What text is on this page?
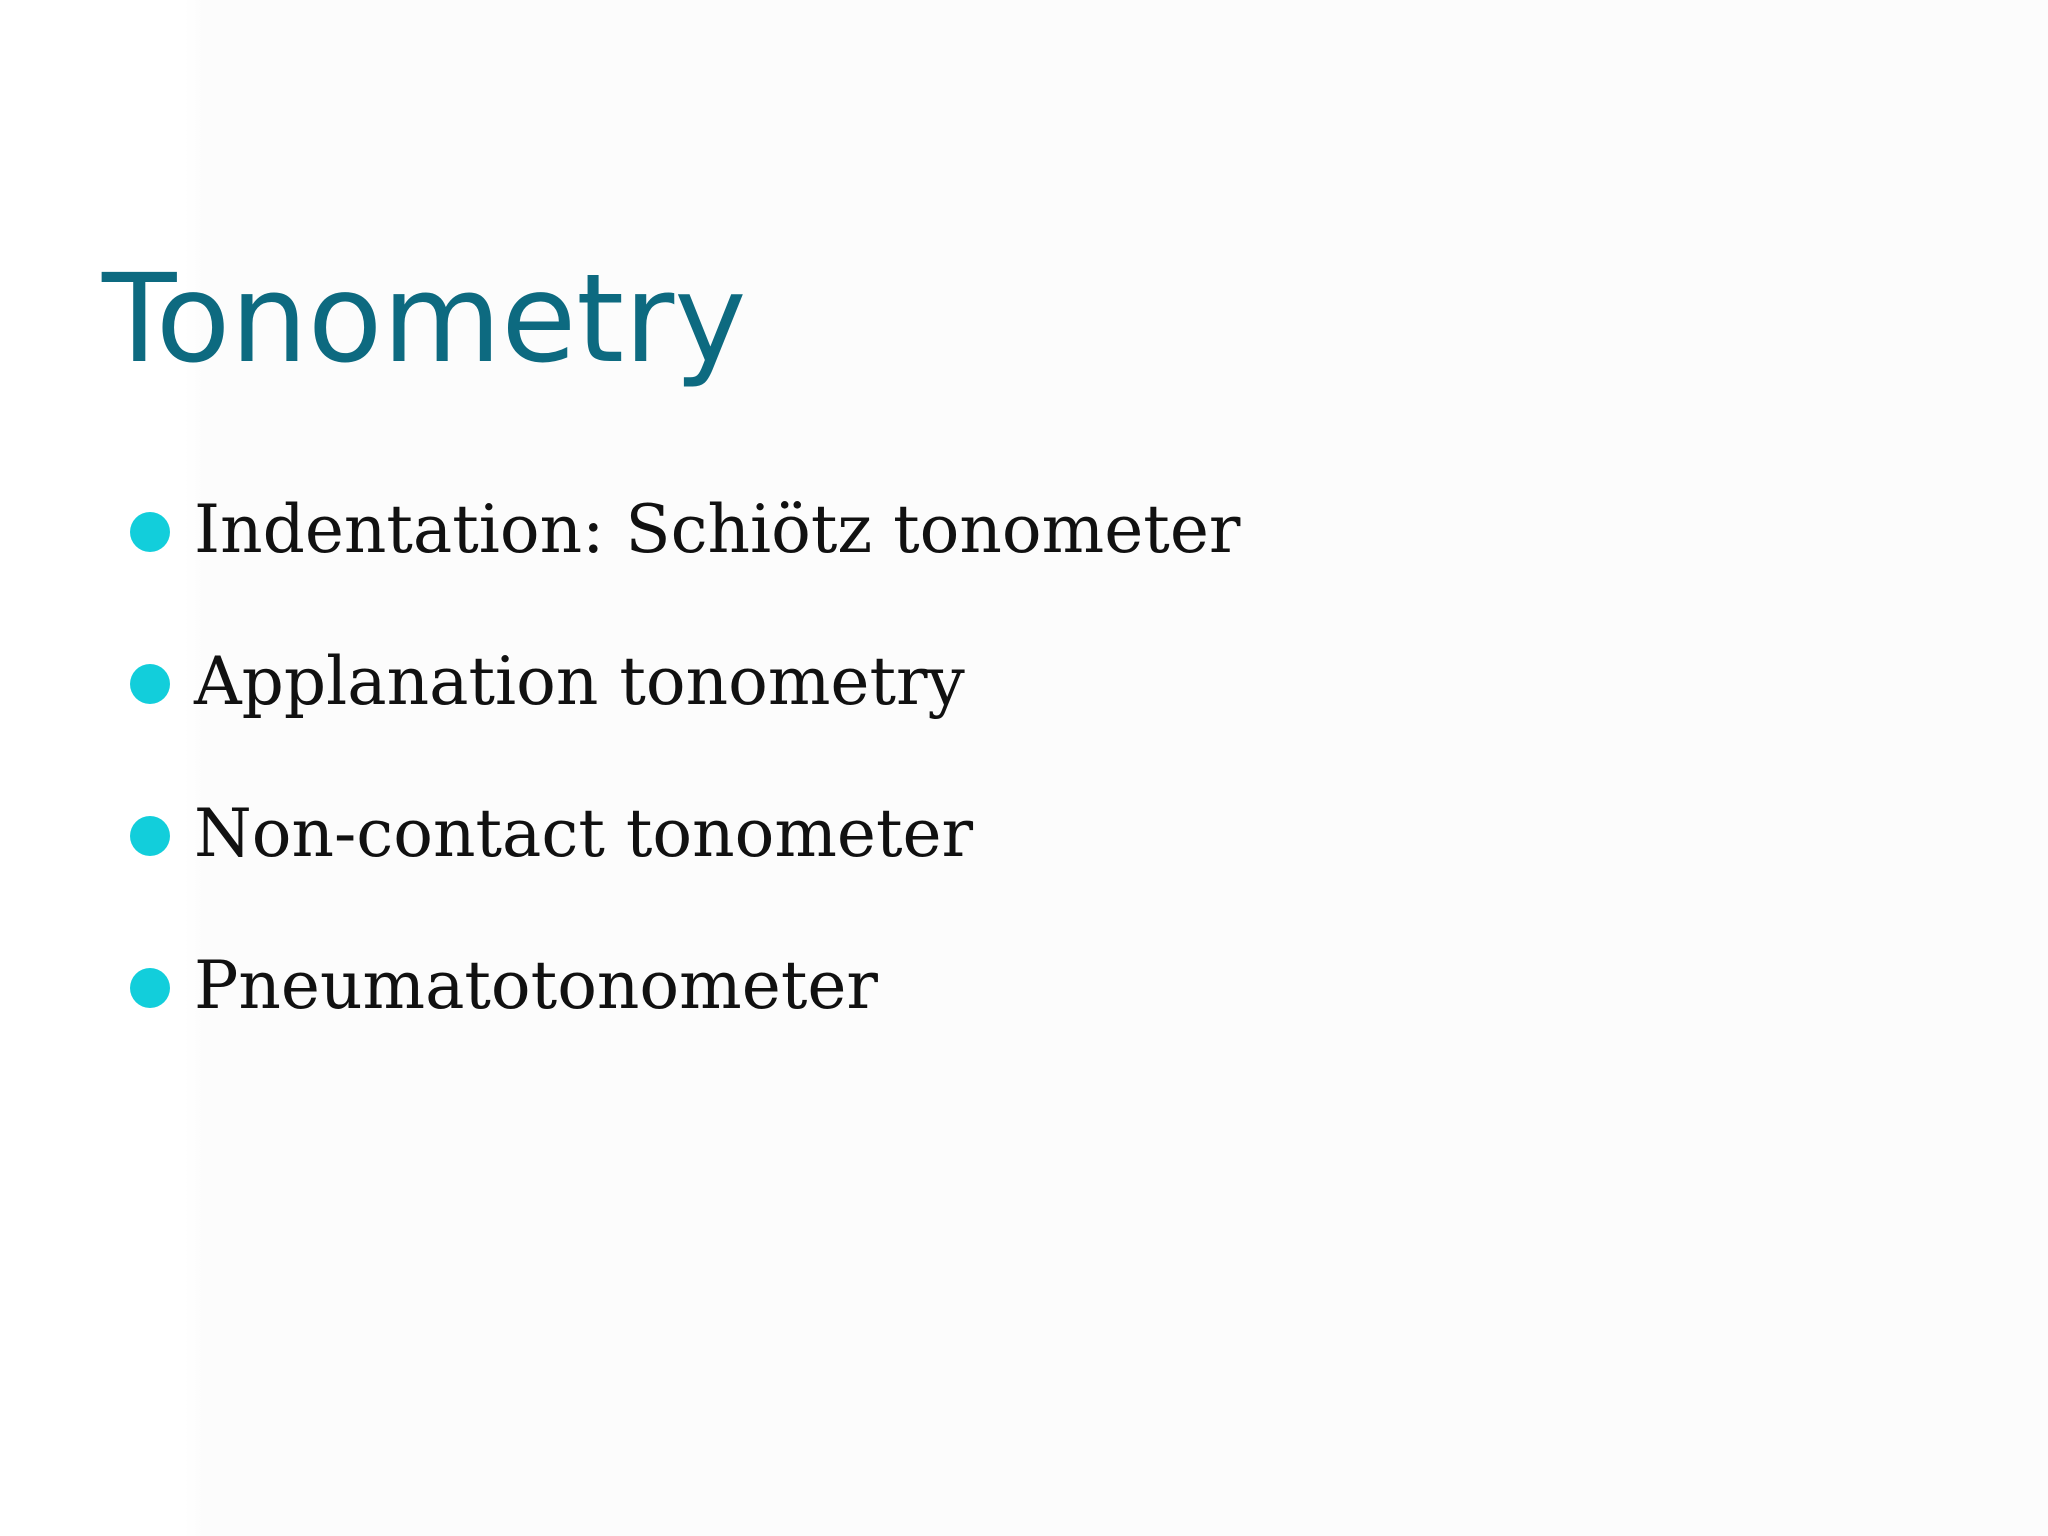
Tonometry
Indentation: Schiötz tonometer
Applanation tonometry
Non-contact tonometer
Pneumatotonometer
